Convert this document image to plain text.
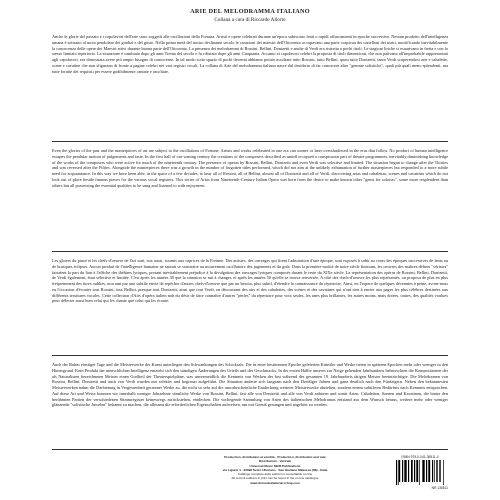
ARIE DEL MELODRAMMA ITALIANO

Collana a cura di Riccardo Allorto

Anche le glorie del passato e i capolavori dell'arte sono soggetti alle oscillazioni della Fortuna. Artisti e opere celebrati durante un'epoca subiscono lenti o rapidi offuscamenti in epoche successive. Nessun prodotto dell'intelligenza umana è sottratto al moto pendolare dei giudizi e del gusto. Nella prima metà del nostro declinante secolo le creazioni dei maestri dell'Ottocento occupavano una parte cospicua dei cartelloni dei teatri, mortificando inevitabilmente la conoscenza delle opere dei Maestri attivi durante buona parte dell'Ottocento. La presenza dei melodrammi di Rossini, Bellini, Donizetti e anche di Verdi era ristretta a pochi titoli. Le stagioni liriche si esaurivano in fretta e con lo stesso limitato repertorio. La situazione è cambiata dopo gli anni Trenta del secolo e fu rifiutata dopo gli anni Cinquanta. Accanto ai capolavori celebri la proposta di titoli dimenticati, che non pativano all'improbabile rappresentati agli capolavori, era dimostrata avere più ampio bisogno di conoscerne. In tal modo sotto spazio di pochi decenni abbiamo potuto ascoltare tutto Rossini, tutto Bellini, quasi tutto Donizetti, tanto Verdi scuperendosi arie e cabalette, scene e cavatine che non sfigurano di fronte a pagine celebri nei vari registri vocali. La collana di Arie del melodramma italiano nasce dal desiderio di far conoscere altre "gemme solistiche", quali più quali meno splendenti, ma tutte fornite dei requisiti per essere godibilmente cantate e ascoltate.

Even the glories of the past and the masterpieces of art are subject to the oscillations of Fortune. Artists and works celebrated in one era can sooner or later overshadowed in the eras that follow. No product of human intelligence escapes the pendular motion of judgements and taste. In the first half of our waning century the creations of the composers described as uninfl occupied a conspicuous part of theatre programmes, inevitably diminishing knowledge of the works of the composers who were active for much of the nineteenth century. The presence of operas by Rossini, Bellini, Donizetti and even Verdi was selective and limited. The situation began to change after the Thirties and was reversed after the Fifties. Alongside the masterpieces there was a growth in the number of forgotten titles performed, which did not aim at the unlikely exhumation of further masterpieces but responded to a more subtle need for acquaintance. In this way we have been able, in the space of a few decades, to hear all of Rossini, all of Bellini, almost all of Donizetti and all of Verdi, discovering arias and cabalettas, scenes and cavatinas which do not look out of place beside famous pieces for the various vocal registers. This series of Arias from Nineteenth-Century Italian Opera was born from the desire to make known other "gems for soloists", some more resplendent than others but all possessing the essential qualities to be sung and listened to with enjoyment.

Les gloires du passé et les chefs-d'oeuvre de l'art sont, eux aussi, soumis aux caprices de la Fortune. Des artistes, des ouvrages qui firent l'admiration d'une époque, sont exposés à subir au cours des époques successives de lents ou de brusques éclipses. Aucun produit de l'intelligence humaine ne saurait se soustraire au mouvement oscillatoire des jugements et du goût. Dans la première moitié de notre siècle finissant, les oeuvres des maîtres définis "véristes" faisaient la part du lion à l'affiche des théâtres lyriques, portant inévitablement préjudice à la divulgation des ouvrages lyriques composés durant le reste du XIXe siècle. La représentation des opéras de Rossini, Bellini, Donizetti, de Verdi également, était sélective et limitée. C'est après les années 30 que la situation se mit à changer, et après les années 50 qu'elle se trouva renversée. A côté des chefs-d'oeuvre les plus représentés, on proposa de plus en plus fréquemment des titres oubliés, non tant par une subtile envie de repêcher d'autres chefs-d'oeuvre que par un besoin, plus subtil, d'étendre la connaissance du répertoire. Ainsi, en l'espace de quelques décennies à peine, avons-nous eu l'occasion d'écouter tout Rossini, tout Bellini, presque tout Donizetti, ainsi que tout Verdi, en découvrant des airs et des cabalettes, des scènes et des cavatines qui n'ont rien à envier aux pages les plus célèbres destinées aux différents tessitures vocales. Cette collection d'Airs d'opéra italien naît du désir de faire connaître d'autres "perles" du répertoire pour voix seules, les unes plus brillantes, les autres moins, mais dotées, toutes, des qualités voulues pour délecter aussi bien celui qui les chante que celui qui les écoute.

Auch der Ruhm einstiger Tage und die Meisterwerke der Kunst unterliegen den Schwankungen des Schicksals. Die in einer bestimmten Epoche gefeierten Künstler und Werke treten in späteren Epochen mehr oder weniger in den Hintergrund. Kein Produkt der menschlichen Intelligenz entzieht sich den ständigen Änderungen des Urteils und des Geschmacks. In der ersten Hälfte unseres zur Neige gehenden Jahrhunderts beherrschten die Kompositionen der als Naturalisten bezeichneten Meister einen Großteil der Theaterspielpläne, was unvermeidlich die Kenntnis von Werken der fast während des gesamten 19. Jahrhunderts tätigen Meister beeinträchtigte. Die Melodramen von Rossini, Bellini, Donizetti und auch von Verdi wurden nur selektiv und begrenzt aufgeführt. Die Situation änderte sich langsam nach den Dreißiger Jahren und ganz deutlich nach den Fünfzigern. Neben den bekanntesten Meisterwerken nahm die Darbietung in Vergessenheit geratener Werke zu, die nicht so sehr auf die unwahrscheinliche Entdeckung weiterer Meisterwerke abzielten, sondern einem subtileren Bedürfnis nach Kenntnis entsprachen. Auf diese Art und Weise konnten wir innerhalb weniger Jahrzehnte sämtliche Werke von Rossini, Bellini, fast alle von Donizetti und alle von Verdi anhören und somit Arien, Cabaletten, Szenen und Kavatinen, die hinter den berühmten Partien der verschiedenen Stimmregister keineswegs zurückstehen, entdecken. Die vorliegende Sammlung von Arien des italienischen Melodramas entstand aus dem Wunsch heraus, weitere mehr oder weniger glänzende "solistische Juwelen" bekannt zu machen, die allesamt die erforderlichen Eigenschaften aufweisen, um mit Genuß gesungen und angehört zu werden.

Production, distribution et vendita - Production, distribution and sale
Distribución - Vertrieb
Universal Music MGB Publications
via Liguria 4 - 20098 Sesto Ulteriano - San Giuliano Milanese (MI) - Italia
Catalogo completo delle edizioni è consultabile on line
All current editions in print can be found in the on line catalogue
www.durandsalabertarschng.com

ISMN 979-0-041-36511-4

NR 136511
